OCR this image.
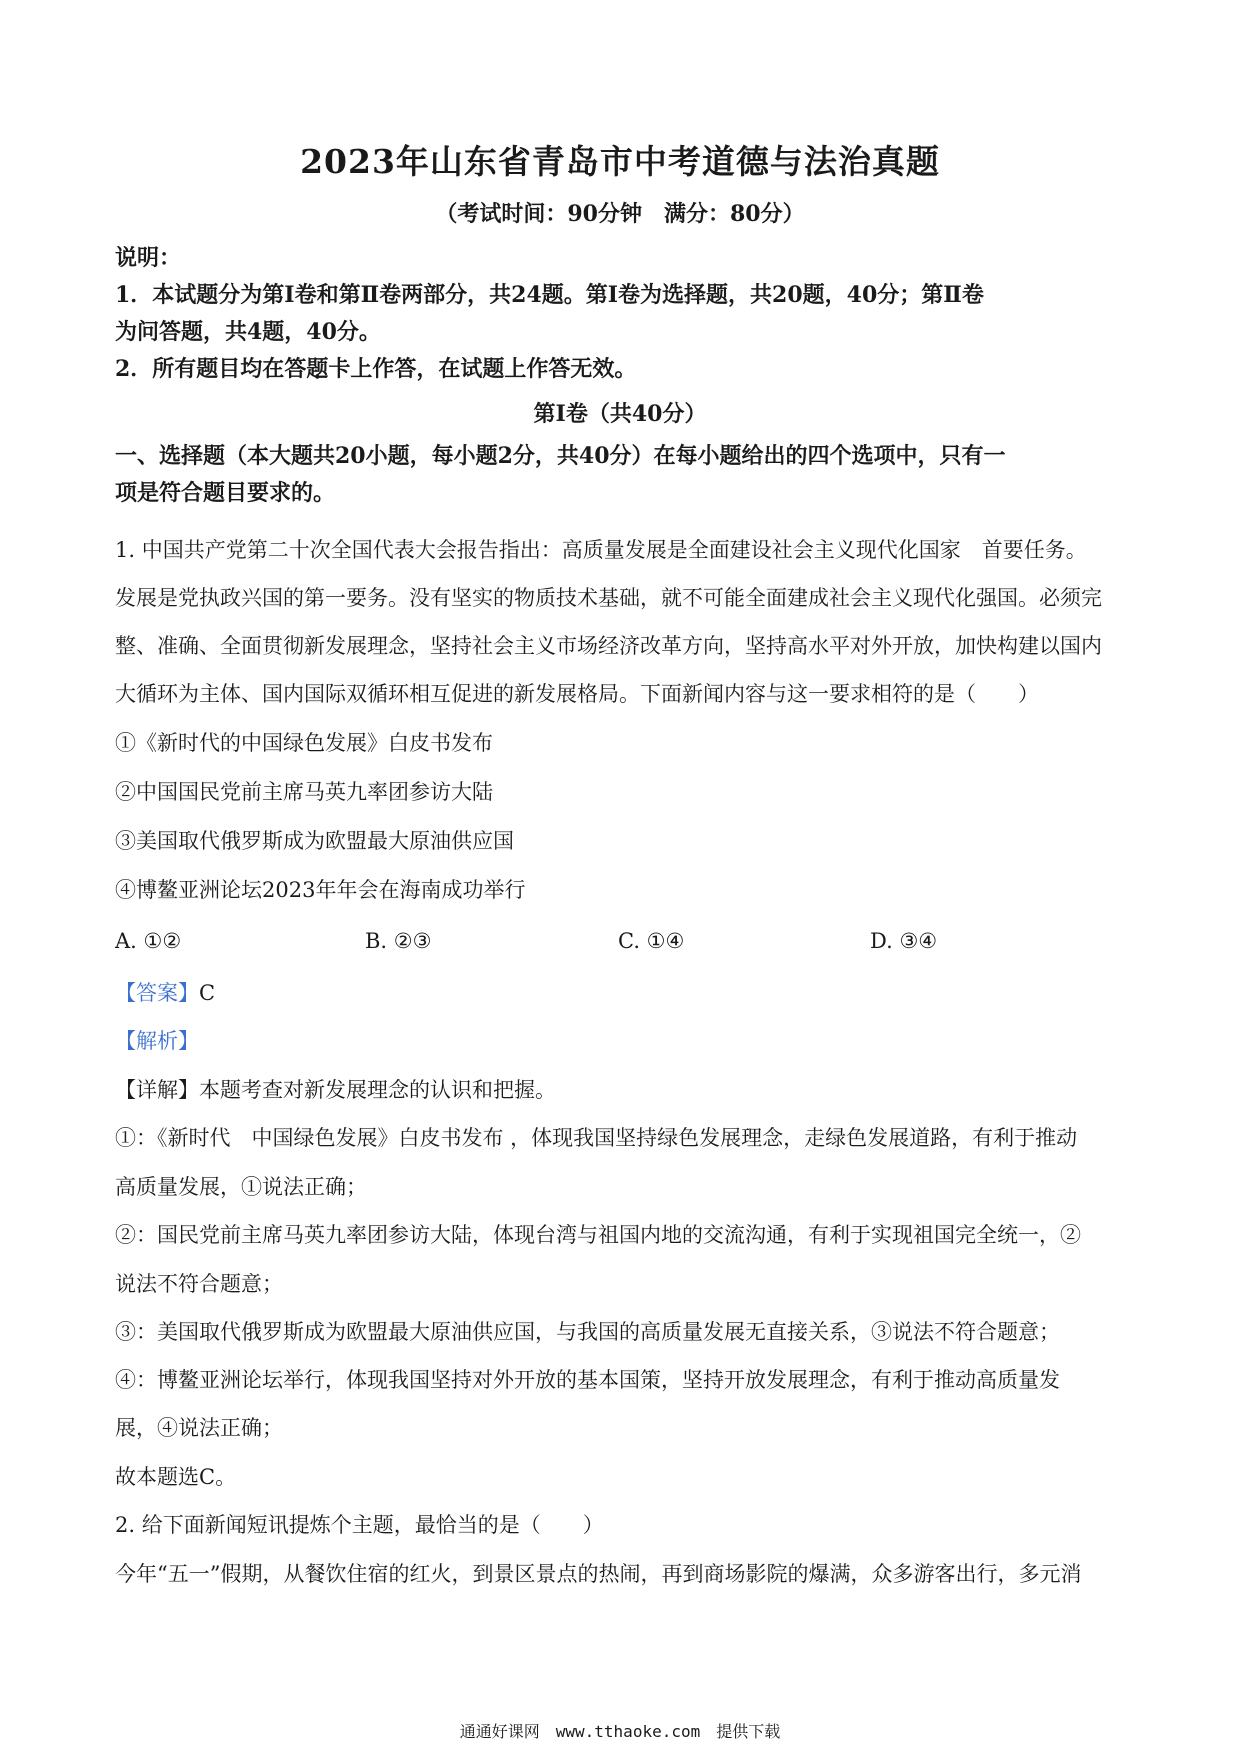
2023年山东省青岛市中考道德与法治真题
（考试时间：90分钟　满分：80分）
说明：
1．本试题分为第Ⅰ卷和第Ⅱ卷两部分，共24题。第Ⅰ卷为选择题，共20题，40分；第Ⅱ卷
为问答题，共4题，40分。
2．所有题目均在答题卡上作答，在试题上作答无效。
第Ⅰ卷（共40分）
一、选择题（本大题共20小题，每小题2分，共40分）在每小题给出的四个选项中，只有一
项是符合题目要求的。
1. 中国共产党第二十次全国代表大会报告指出：高质量发展是全面建设社会主义现代化国家　首要任务。
发展是党执政兴国的第一要务。没有坚实的物质技术基础，就不可能全面建成社会主义现代化强国。必须完
整、准确、全面贯彻新发展理念，坚持社会主义市场经济改革方向，坚持高水平对外开放，加快构建以国内
大循环为主体、国内国际双循环相互促进的新发展格局。下面新闻内容与这一要求相符的是（　　）
①《新时代的中国绿色发展》白皮书发布
②中国国民党前主席马英九率团参访大陆
③美国取代俄罗斯成为欧盟最大原油供应国
④博鳌亚洲论坛2023年年会在海南成功举行
A. ①②	B. ②③	C. ①④	D. ③④
【答案】C
【解析】
【详解】本题考查对新发展理念的认识和把握。
①：《新时代　中国绿色发展》白皮书发布 ，体现我国坚持绿色发展理念，走绿色发展道路，有利于推动
高质量发展，①说法正确；
②：国民党前主席马英九率团参访大陆，体现台湾与祖国内地的交流沟通，有利于实现祖国完全统一，②
说法不符合题意；
③：美国取代俄罗斯成为欧盟最大原油供应国，与我国的高质量发展无直接关系，③说法不符合题意；
④：博鳌亚洲论坛举行，体现我国坚持对外开放的基本国策，坚持开放发展理念，有利于推动高质量发
展，④说法正确；
故本题选C。
2. 给下面新闻短讯提炼个主题，最恰当的是（　　）
今年“五一”假期，从餐饮住宿的红火，到景区景点的热闹，再到商场影院的爆满，众多游客出行，多元消
通通好课网　www.tthaoke.com　提供下载
